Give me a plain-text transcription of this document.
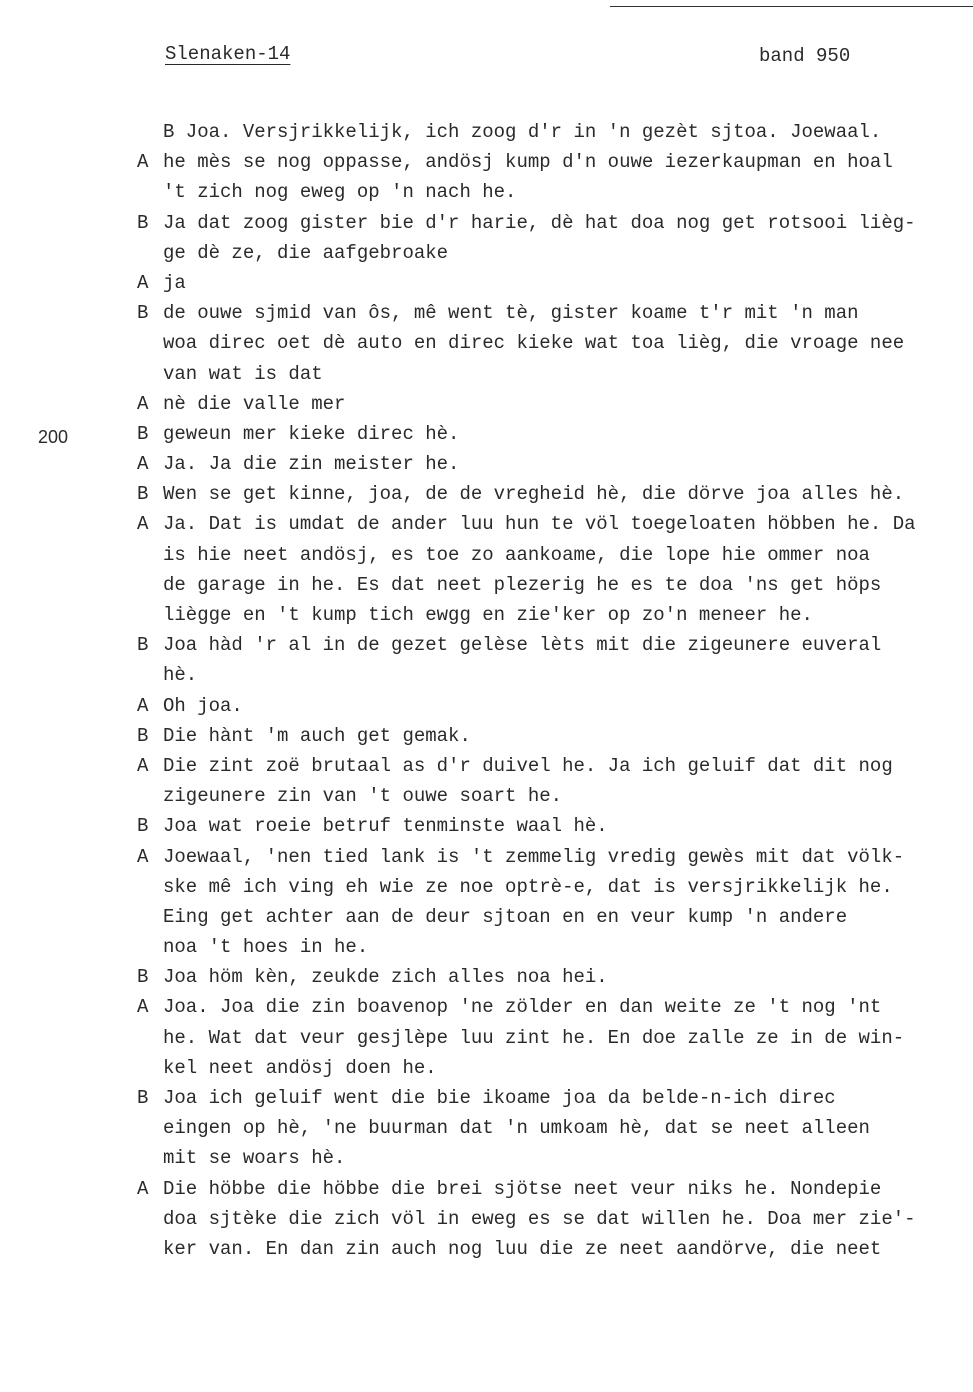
Slenaken-14	band 950
200
B Joa. Versjrikkelijk, ich zoog d'r in 'n gezèt sjtoa. Joewaal.
A he mès se nog oppasse, andösj kump d'n ouwe iezerkaupman en hoal
't zich nog eweg op 'n nach he.
B Ja dat zoog gister bie d'r harie, dè hat doa nog get rotsooi lièg-
ge dè ze, die aafgebroake
A ja
B de ouwe sjmid van ôs, mê went tè, gister koame t'r mit 'n man
woa direc oet dè auto en direc kieke wat toa lièg, die vroage nee
van wat is dat
A nè die valle mer
B geweun mer kieke direc hè.
A Ja. Ja die zin meister he.
B Wen se get kinne, joa, de de vregheid hè, die dörve joa alles hè.
A Ja. Dat is umdat de ander luu hun te völ toegeloaten höbben he. Da
is hie neet andösj, es toe zo aankoame, die lope hie ommer noa
de garage in he. Es dat neet plezerig he es te doa 'ns get höps
liègge en 't kump tich ewgg en zie'ker op zo'n meneer he.
B Joa hàd 'r al in de gezet gelèse lèts mit die zigeunere euveral
hè.
A Oh joa.
B Die hànt 'm auch get gemak.
A Die zint zoë brutaal as d'r duivel he. Ja ich geluif dat dit nog
zigeunere zin van 't ouwe soart he.
B Joa wat roeie betruf tenminste waal hè.
A Joewaal, 'nen tied lank is 't zemmelig vredig gewès mit dat völk-
ske mê ich ving eh wie ze noe optrè-e, dat is versjrikkelijk he.
Eing get achter aan de deur sjtoan en en veur kump 'n andere
noa 't hoes in he.
B Joa höm kèn, zeukde zich alles noa hei.
A Joa. Joa die zin boavenop 'ne zölder en dan weite ze 't nog 'nt
he. Wat dat veur gesjlèpe luu zint he. En doe zalle ze in de win-
kel neet andösj doen he.
B Joa ich geluif went die bie ikoame joa da belde-n-ich direc
eingen op hè, 'ne buurman dat 'n umkoam hè, dat se neet alleen
mit se woars hè.
A Die höbbe die höbbe die brei sjötse neet veur niks he. Nondepie
doa sjtèke die zich völ in eweg es se dat willen he. Doa mer zie'-
ker van. En dan zin auch nog luu die ze neet aandörve, die neet
